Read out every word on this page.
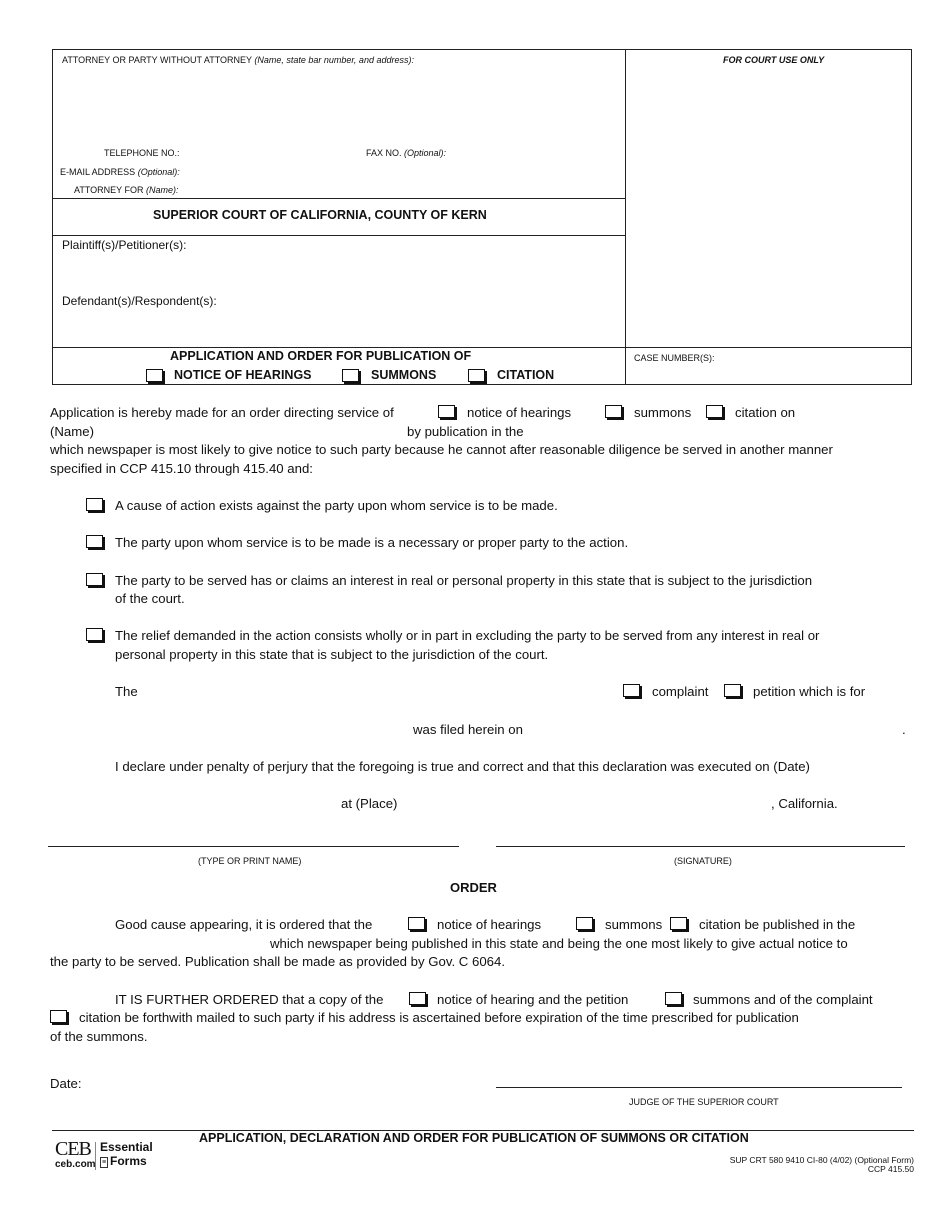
ATTORNEY OR PARTY WITHOUT ATTORNEY (Name, state bar number, and address):	FOR COURT USE ONLY
TELEPHONE NO.:	FAX NO. (Optional):
E-MAIL ADDRESS (Optional):
ATTORNEY FOR (Name):
SUPERIOR COURT OF CALIFORNIA, COUNTY OF KERN
Plaintiff(s)/Petitioner(s):
Defendant(s)/Respondent(s):
APPLICATION AND ORDER FOR PUBLICATION OF
NOTICE OF HEARINGS	SUMMONS	CITATION
CASE NUMBER(S):
Application is hereby made for an order directing service of	notice of hearings	summons	citation on
(Name)	by publication in the
which newspaper is most likely to give notice to such party because he cannot after reasonable diligence be served in another manner
specified in CCP 415.10 through 415.40 and:
A cause of action exists against the party upon whom service is to be made.
The party upon whom service is to be made is a necessary or proper party to the action.
The party to be served has or claims an interest in real or personal property in this state that is subject to the jurisdiction
of the court.
The relief demanded in the action consists wholly or in part in excluding the party to be served from any interest in real or
personal property in this state that is subject to the jurisdiction of the court.
The	complaint	petition which is for
was filed herein on	.
I declare under penalty of perjury that the foregoing is true and correct and that this declaration was executed on (Date)
at (Place)	, California.
(TYPE OR PRINT NAME)	(SIGNATURE)
ORDER
Good cause appearing, it is ordered that the	notice of hearings	summons	citation be published in the
which newspaper being published in this state and being the one most likely to give actual notice to
the party to be served. Publication shall be made as provided by Gov. C 6064.
IT IS FURTHER ORDERED that a copy of the	notice of hearing and the petition	summons and of the complaint
citation be forthwith mailed to such party if his address is ascertained before expiration of the time prescribed for publication
of the summons.
Date:
JUDGE OF THE SUPERIOR COURT
CEB
ceb.com
Essential
≡ Forms
APPLICATION, DECLARATION AND ORDER FOR PUBLICATION OF SUMMONS OR CITATION
SUP CRT 580 9410 CI-80 (4/02) (Optional Form)
CCP 415.50
